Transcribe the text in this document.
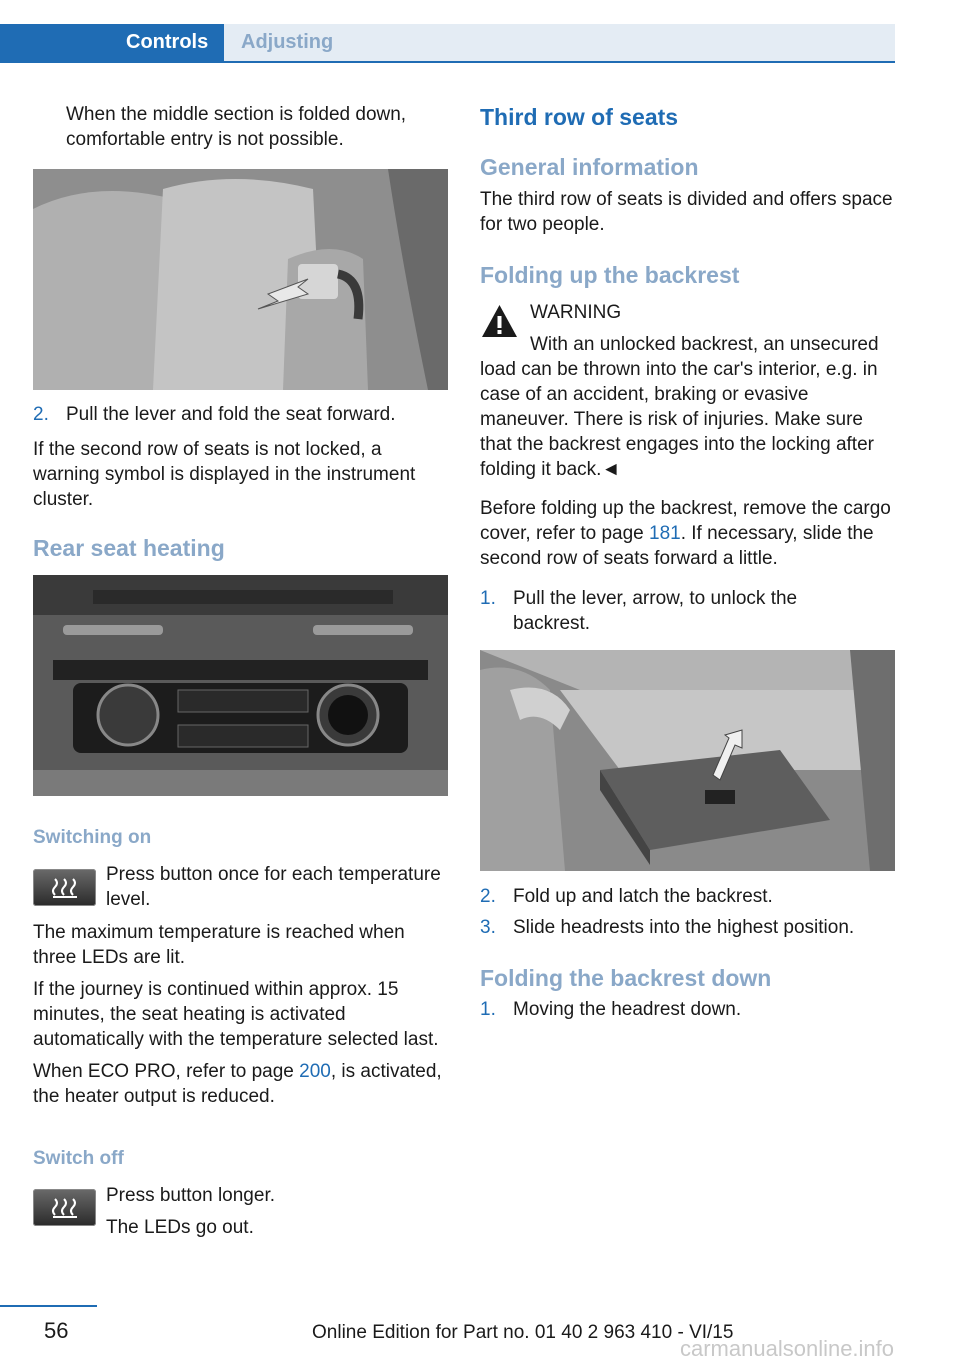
Controls	Adjusting
When the middle section is folded down, comfortable entry is not possible.
2. Pull the lever and fold the seat forward.
If the second row of seats is not locked, a warning symbol is displayed in the instrument cluster.
Rear seat heating
Switching on
Press button once for each temperature level.
The maximum temperature is reached when three LEDs are lit.
If the journey is continued within approx. 15 minutes, the seat heating is activated automatically with the temperature selected last.
When ECO PRO, refer to page 200, is activated, the heater output is reduced.
Switch off
Press button longer.
The LEDs go out.
Third row of seats
General information
The third row of seats is divided and offers space for two people.
Folding up the backrest
WARNING
With an unlocked backrest, an unsecured load can be thrown into the car's interior, e.g. in case of an accident, braking or evasive maneuver. There is risk of injuries. Make sure that the backrest engages into the locking after folding it back.◄
Before folding up the backrest, remove the cargo cover, refer to page 181. If necessary, slide the second row of seats forward a little.
1. Pull the lever, arrow, to unlock the backrest.
2. Fold up and latch the backrest.
3. Slide headrests into the highest position.
Folding the backrest down
1. Moving the headrest down.
56	Online Edition for Part no. 01 40 2 963 410 - VI/15
carmanualsonline.info
